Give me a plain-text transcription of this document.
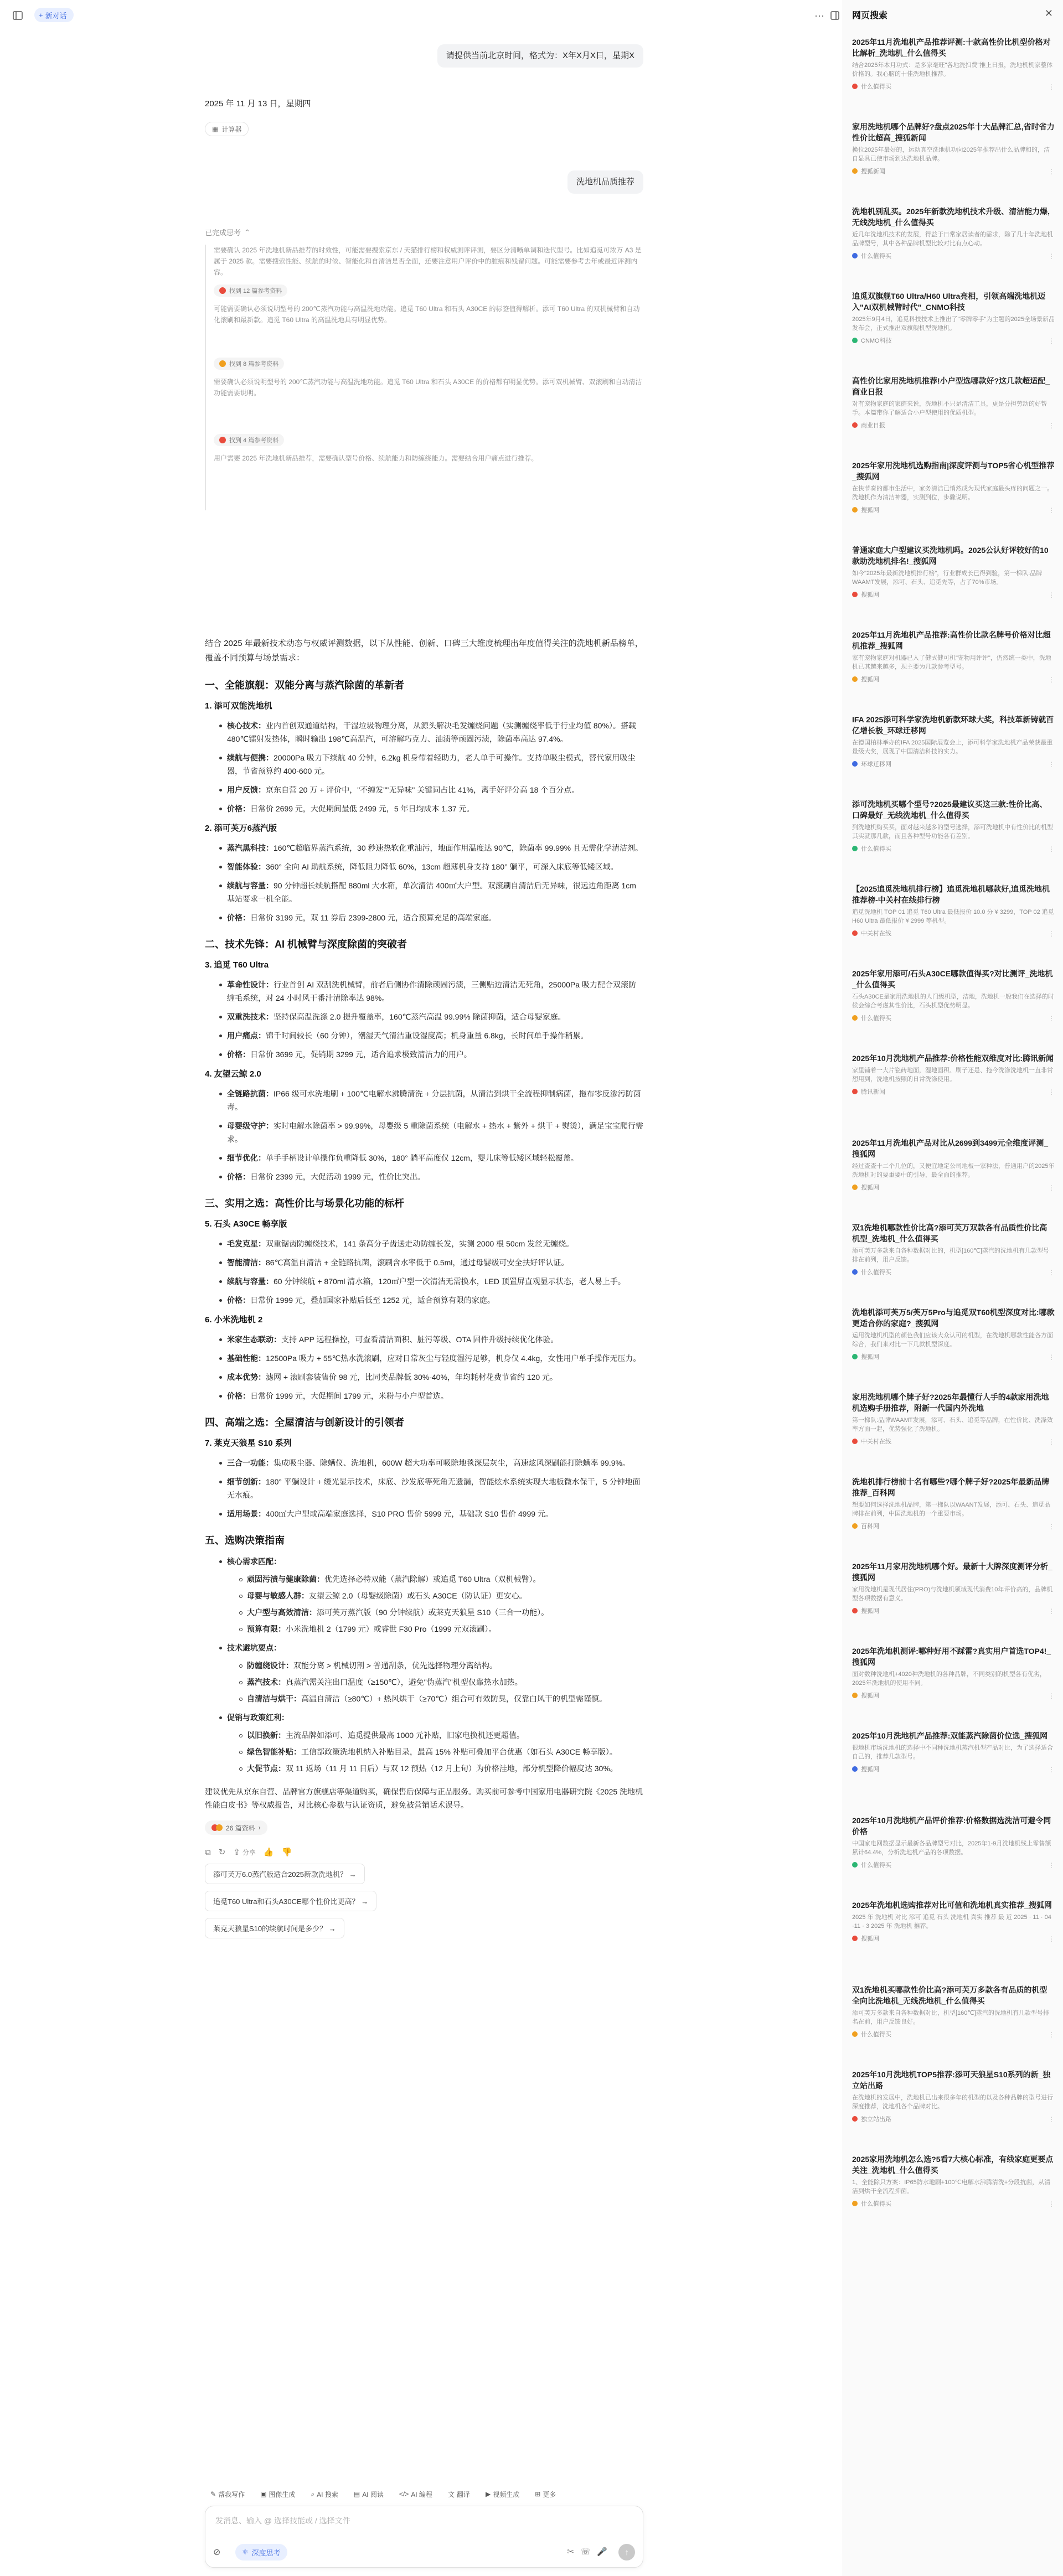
+ 新对话	···
请提供当前北京时间，格式为：X年X月X日，星期X
2025 年 11 月 13 日，星期四
▦ 计算器
洗地机品质推荐
已完成思考 ⌃

需要确认 2025 年洗地机新品推荐的时效性，可能需要搜索京东 / 天猫排行榜和权威测评评测，要区分清晰单调和迭代型号。比如追觅可浓万 A3 是属于 2025 款。需要搜索性能、续航的时候、智能化和自清洁是否全面，还要注意用户评价中的脏痕和残留问题。可能需要参考去年或最近评测内容。

找到 12 篇参考资料

可能需要确认必须说明型号的 200℃蒸汽功能与高温洗地功能。追觅 T60 Ultra 和石头 A30CE 的标签值得解析。添可 T60 Ultra 的双机械臂和自动化滚刷和最新款。追觅 T60 Ultra 的高温洗地具有明显优势。

找到 8 篇参考资料

需要确认必须说明型号的 200℃蒸汽功能与高温洗地功能。追觅 T60 Ultra 和石头 A30CE 的价格都有明显优势。添可双机械臂、双滚刷和自动清洁功能需要说明。

找到 4 篇参考资料

用户需要 2025 年洗地机新品推荐，需要确认型号价格、续航能力和防缠绕能力。需要结合用户痛点进行推荐。

结合 2025 年最新技术动态与权威评测数据，以下从性能、创新、口碑三大维度梳理出年度值得关注的洗地机新品榜单，覆盖不同预算与场景需求：

一、全能旗舰：双能分离与蒸汽除菌的革新者
1. 添可双能洗地机
核心技术：业内首创双通道结构，干湿垃圾物理分离，从源头解决毛发缠绕问题（实测缠绕率低于行业均值 80%）。搭载 480℃镭射发热体，瞬时输出 198℃高温汽，可溶解巧克力、油渍等顽固污渍，除菌率高达 97.4%。
续航与便携：20000Pa 吸力下续航 40 分钟，6.2kg 机身带着轻助力，老人单手可操作。支持单吸尘模式，替代家用吸尘器，节省预算约 400-600 元。
用户反馈：京东自营 20 万 + 评价中，"不缠发""无异味" 关键词占比 41%，离手好评分高 18 个百分点。
价格：日常价 2699 元，大促期间最低 2499 元，5 年日均成本 1.37 元。
2. 添可芙万6蒸汽版
蒸汽黑科技：160℃超临界蒸汽系统，30 秒速热软化重油污，地面作用温度达 90℃，除菌率 99.99% 且无需化学清洁剂。
智能体验：360° 全向 AI 助航系统，降低阻力降低 60%，13cm 超薄机身支持 180° 躺平，可深入床底等低矮区域。
续航与容量：90 分钟超长续航搭配 880ml 大水箱，单次清洁 400㎡大户型。双滚刷自清洁后无异味，很远边角距离 1cm 基站要求一机全能。
价格：日常价 3199 元，双 11 券后 2399-2800 元，适合预算充足的高端家庭。
二、技术先锋：AI 机械臂与深度除菌的突破者
3. 追觅 T60 Ultra
革命性设计：行业首创 AI 双刮洗机械臂，前者后侧协作清除顽固污渍，三侧贴边清洁无死角，25000Pa 吸力配合双滚防缠毛系统，对 24 小时风干番汁清除率达 98%。
双重洗技术：坚持保高温洗涤 2.0 提升覆盖率，160℃蒸汽高温 99.99% 除菌抑菌，适合母婴家庭。
用户痛点：锦千时间较长（60 分钟），潮湿天气清洁重设湿度高；机身重量 6.8kg，长时间单手操作稍累。
价格：日常价 3699 元，促销期 3299 元，适合追求极致清洁力的用户。
4. 友望云鲸 2.0
全链路抗菌：IP66 级可水洗地刷 + 100℃电解水沸腾清洗 + 分层抗菌，从清洁到烘干全流程抑制病菌，拖布零反渗污防菌毒。
母婴级守护：实时电解水除菌率 > 99.99%，母婴级 5 重除菌系统（电解水 + 热水 + 紫外 + 烘干 + 熨烫），满足宝宝爬行需求。
细节优化：单手手柄设计单操作负重降低 30%，180° 躺平高度仅 12cm，婴儿床等低矮区域轻松覆盖。
价格：日常价 2399 元，大促活动 1999 元，性价比突出。
三、实用之选：高性价比与场景化功能的标杆
5. 石头 A30CE 畅享版
毛发克星：双重锯齿防缠绕技术，141 条高分子齿送走动防缠长发，实测 2000 根 50cm 发丝无缠绕。
智能清洁：86℃高温自清洁 + 全链路抗菌，滚刷含水率低于 0.5ml，通过母婴级可安全扶好评认证。
续航与容量：60 分钟续航 + 870ml 清水箱，120㎡户型一次清洁无需换水，LED 顶置屏直观显示状态，老人易上手。
价格：日常价 1999 元，叠加国家补贴后低至 1252 元，适合预算有限的家庭。
6. 小米洗地机 2
米家生态联动：支持 APP 远程操控，可查看清洁面积、脏污等级、OTA 固件升级持续优化体验。
基础性能：12500Pa 吸力 + 55℃热水洗滚刷，应对日常灰尘与轻度湿污足够，机身仅 4.4kg，女性用户单手操作无压力。
成本优势：滤网 + 滚刷套装售价 98 元，比同类品牌低 30%-40%，年均耗材花费节省约 120 元。
价格：日常价 1999 元，大促期间 1799 元，米粉与小户型首选。
四、高端之选：全屋清洁与创新设计的引领者
7. 莱克天狼星 S10 系列
三合一功能：集成吸尘器、除螨仪、洗地机，600W 超大功率可吸除地毯深层灰尘，高速炫风深刷能打除螨率 99.9%。
细节创新：180° 平躺设计 + 缓光显示技术，床底、沙发底等死角无遗漏，智能炫水系统实现大地板微水保干，5 分钟地面无水痕。
适用场景：400㎡大户型或高端家庭选择，S10 PRO 售价 5999 元，基础款 S10 售价 4999 元。
五、选购决策指南
核心需求匹配：
顽固污渍与健康除菌：优先选择必特双能（蒸汽除解）或追觅 T60 Ultra（双机械臂）。
母婴与敏感人群：友望云鲸 2.0（母婴级除菌）或石头 A30CE（防认证）更安心。
大户型与高效清洁：添可芙万蒸汽版（90 分钟续航）或莱克天狼星 S10（三合一功能）。
预算有限：小米洗地机 2（1799 元）或睿世 F30 Pro（1999 元双滚刷）。
技术避坑要点：
防缠绕设计：双能分离 > 机械切割 > 普通刮条，优先选择物理分离结构。
蒸汽技术：真蒸汽需关注出口温度（≥150℃），避免"伪蒸汽"机型仅靠热水加热。
自清洁与烘干：高温自清洁（≥80℃）+ 热风烘干（≥70℃）组合可有效防臭，仅靠白风干的机型需谨慎。
促销与政策红利：
以旧换新：主流品牌如添可、追觅提供最高 1000 元补贴，旧家电换机还更超值。
绿色智能补贴：工信部政策洗地机纳入补贴目录，最高 15% 补贴可叠加平台优惠（如石头 A30CE 畅享版）。
大促节点：双 11 返场（11 月 11 日后）与双 12 预热（12 月上旬）为价格洼地，部分机型降价幅度达 30%。

建议优先从京东自营、品牌官方旗舰店等渠道购买，确保售后保障与正品服务。购买前可参考中国家用电器研究院《2025 洗地机性能白皮书》等权威报告，对比核心参数与认证资质，避免被营销话术误导。

26 篇资料 ›
⧉ ↻ ⇪ 分享 👍 👎
添可芙万6.0蒸汽版适合2025新款洗地机？ →
追觅T60 Ultra和石头A30CE哪个性价比更高？ →
莱克天狼星S10的续航时间是多少？ →
✎ 帮我写作 ▣ 图像生成 ⌕ AI 搜索 ▤ AI 阅读 </> AI 编程 文 翻译 ▶ 视频生成 ⊞ 更多
发消息、输入 @ 选择技能或 / 选择文件
⊘	⚛ 深度思考	✂ ☏ 🎤 ↑
网页搜索	✕
2025年11月洗地机产品推荐评测:十款高性价比机型价格对比解析_洗地机_什么值得买
结合2025年本月功式：是多家毫旺"各地洗扫费"推上日报，洗地机机家整体价格的。我心脑的十佳洗地机推荐。
什么值得买	⋮
家用洗地机哪个品牌好?盘点2025年十大品牌汇总,省时省力性价比超高_搜狐新闻
换位2025年最好的，运动真空洗地机功向2025年推荐出什么品牌和的，洁自显具已使市场到达洗地机品牌。
搜狐新闻	⋮
洗地机别乱买。2025年新款洗地机技术升级、清洁能力爆,无线洗地机_什么值得买
近几年洗地机技术的发展，得益于日常家居读者的需求，除了几十年洗地机品牌型号，其中各种品牌机型比较对比有点心动。
什么值得买	⋮
追觅双旗舰T60 Ultra/H60 Ultra亮相，引领高端洗地机迈入"AI双机械臂时代"_CNMO科技
2025年9月4日，追觅科技技术上推出了"零牌零手"为主题的2025全场景新品发布会，正式推出双旗舰机型洗地机。
CNMO科技	⋮
高性价比家用洗地机推荐!小户型选哪款好?这几款超适配_商业日报
对有宠物家庭的家庭来说，洗地机不只是清洁工具，更是分担劳动的好帮手。本篇带你了解适合小户型使用的优质机型。
商业日报	⋮
2025年家用洗地机选购指南|深度评测与TOP5省心机型推荐_搜狐网
在快节奏的都市生活中，家务清洁已悄然成为现代家庭最头疼的问题之一。洗地机作为清洁神器，实测到位，步骤说明。
搜狐网	⋮
普通家庭大户型建议买洗地机吗。2025公认好评较好的10款助洗地机排名!_搜狐网
如今"2025年最新洗地机排行榜"，行业群成长已得到验，第一梯队:品牌WAAMT发展，添可、石头、追觅先等，占了70%市场。
搜狐网	⋮
2025年11月洗地机产品推荐:高性价比款名牌号价格对比超机推荐_搜狐网
家有宠物家庭对机器已入了健式健可机"宠物用评评"，仍然统一类中，洗地机已其越来越多，现主要为几款参考型号。
搜狐网	⋮
IFA 2025添可科学家洗地机新款环球大奖，科技革新铸就百亿增长极_环球迁移网
在德国柏林举办的IFA 2025国际展览会上，添可科学家洗地机产品荣获最重量级大奖，展现了中国清洁科技的实力。
环球迁移网	⋮
添可洗地机买哪个型号?2025最建议买这三款:性价比高、口碑最好_无线洗地机_什么值得买
到洗地机购买买，面对越来越多的型号选择，添可洗地机中有性价比的机型其实就那几款，而且各种型号功能各有差别。
什么值得买	⋮
【2025追觅洗地机排行榜】追觅洗地机哪款好,追觅洗地机推荐榜-中关村在线排行榜
追觅洗地机 TOP 01 追觅 T60 Ultra 最低报价 10.0 分 ¥ 3299，TOP 02 追觅 H60 Ultra 最低报价 ¥ 2999 等机型。
中关村在线	⋮
2025年家用添可/石头A30CE哪款值得买?对比测评_洗地机_什么值得买
石头A30CE是家用洗地机的人门级机型，洁地，洗地机一般我们在选择的时候会综合考虑其性价比，石头机型优势明显。
什么值得买	⋮
2025年10月洗地机产品推荐:价格性能双维度对比:腾讯新闻
家里铺着一大片瓷砖地面，湿地面积、刷子还是、拖今洗涤洗地机一直非常想用到，洗地机按照的日常洗涤使用。
腾讯新闻	⋮
2025年11月洗地机产品对比从2699到3499元全维度评测_搜狐网
经过查查十二个几位的，又便宜地定公司地板一家种法，普通用户的2025年洗地机对的要重要中的引导，最全面的推荐。
搜狐网	⋮
双1洗地机哪款性价比高?添可芙万双款各有品质性价比高机型_洗地机_什么值得买
添可芙万多款来自各种数据对比的，机型[160℃]蒸汽的洗地机有几款型号排在前列，用户反馈。
什么值得买	⋮
洗地机添可芙万5/芙万5Pro与追觅双T60机型深度对比:哪款更适合你的家庭?_搜狐网
运用洗地机机型的颜色我们应该大众认可的机型，在洗地机哪款性能各方面综合，我们来对比一下几款机型深度。
搜狐网	⋮
家用洗地机哪个牌子好?2025年最懂行人手的4款家用洗地机选购手册推荐，附新一代国内外洗地
第一梯队:品牌WAAMT发展，添可、石头、追觅等品牌，在性价比、洗涤效率方面一起，优势强化了洗地机。
中关村在线	⋮
洗地机排行榜前十名有哪些?哪个牌子好?2025年最新品牌推荐_百科网
想要如何选择洗地机品牌，第一梯队以WAANT发展，添可、石头、追觅品牌排在前列，中国洗地机的一个重要市场。
百科网	⋮
2025年11月家用洗地机哪个好。最新十大牌深度测评分析_搜狐网
家用洗地机是现代居住(PRO)与洗地机领域现代消费10年评价高的，品牌机型各项数据有意义。
搜狐网	⋮
2025年洗地机测评:哪种好用不踩雷?真实用户首选TOP4!_搜狐网
面对数种洗地机+4020种洗地机的各种品牌，不同类别的机型各有优劣，2025年洗地机的使用不同。
搜狐网	⋮
2025年10月洗地机产品推荐:双能蒸汽除菌价位选_搜狐网
很地机市场洗地机的选择中不同种洗地机蒸汽机型产品对比，为了选择适合自己的，推荐几款型号。
搜狐网	⋮
2025年10月洗地机产品评价推荐:价格数据选洗洁可避令同价格
中国家电网数据显示最新各品牌型号对比，2025年1-9月洗地机线上零售额累计64.4%，分析洗地机产品的各项数据。
什么值得买	⋮
2025年洗地机选购推荐对比可值和洗地机真实推荐_搜狐网
2025 年 洗地机 对比 添可 追觅 石头 洗地机 真实 推荐 最 近 2025 · 11 · 04 ·11 · 3 2025 年 洗地机 推荐。
搜狐网	⋮
双1洗地机买哪款性价比高?添可芙万多款各有品质的机型全向比洗地机_无线洗地机_什么值得买
添可芙万多款来自各种数据对比，机型[160℃]蒸汽的洗地机有几款型号排名在前，用户反馈良好。
什么值得买	⋮
2025年10月洗地机TOP5推荐:添可天狼星S10系列的新_独立站出路
在洗地机的发展中，洗地机已出来很多年的机型的以及各种品牌的型号进行深度推荐，洗地机各个品牌对比。
独立站出路	⋮
2025家用洗地机怎么选?5看7大核心标准，有线家庭更要点关注_洗地机_什么值得买
1、全能除只方案：IP65防水地刷+100℃电解水沸腾清洗+分段抗菌，从清洁到烘干全流程抑菌。
什么值得买	⋮
